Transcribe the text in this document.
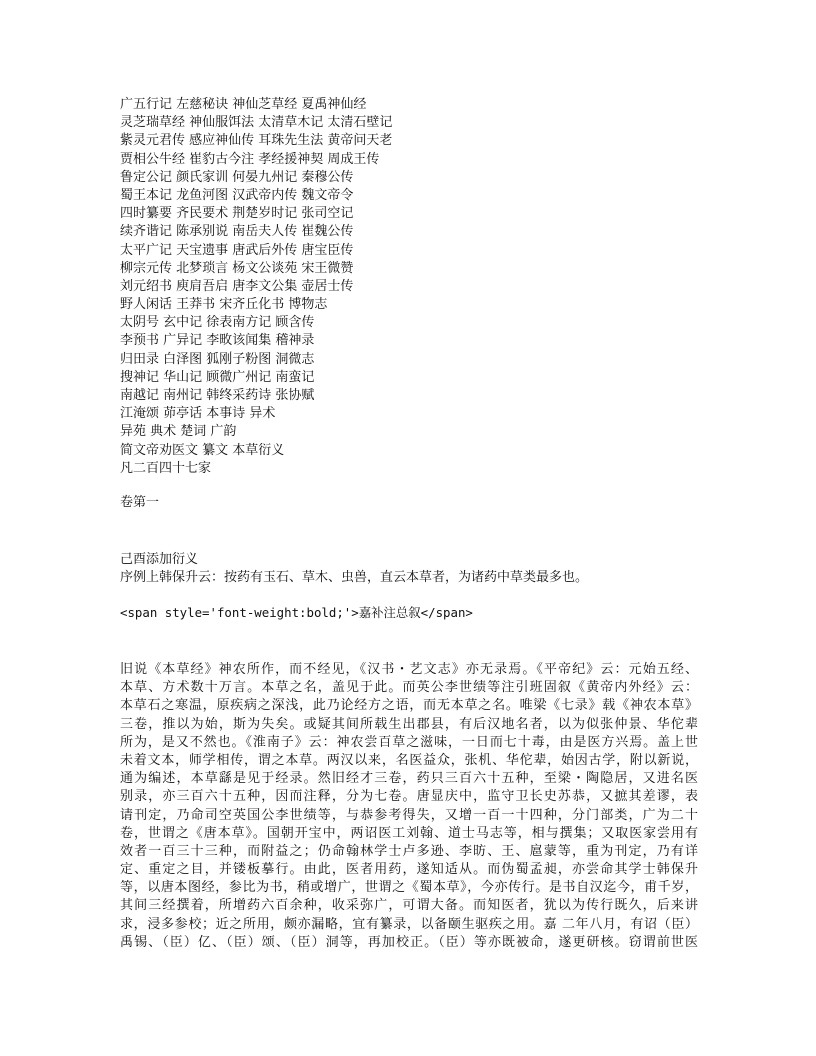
广五行记 左慈秘诀 神仙芝草经 夏禹神仙经
灵芝瑞草经 神仙服饵法 太清草木记 太清石壁记
紫灵元君传 感应神仙传 耳珠先生法 黄帝问天老
贾相公牛经 崔豹古今注 孝经援神契 周成王传
鲁定公记 颜氏家训 何晏九州记 秦穆公传
蜀王本记 龙鱼河图 汉武帝内传 魏文帝令
四时纂要 齐民要术 荆楚岁时记 张司空记
续齐谐记 陈承别说 南岳夫人传 崔魏公传
太平广记 天宝遗事 唐武后外传 唐宝臣传
柳宗元传 北梦琐言 杨文公谈苑 宋王微赞
刘元绍书 庾肩吾启 唐李文公集 壶居士传
野人闲话 王莽书 宋齐丘化书 博物志
太阴号 玄中记 徐表南方记 顾含传
李预书 广异记 李畋该闻集 稽神录
归田录 白泽图 狐刚子粉图 洞微志
搜神记 华山记 顾微广州记 南蛮记
南越记 南州记 韩终采药诗 张协赋
江淹颂 茆亭话 本事诗 异术
异苑 典术 楚词 广韵
简文帝劝医文 纂文 本草衍义
凡二百四十七家
卷第一
己酉添加衍义
序例上韩保升云：按药有玉石、草木、虫兽，直云本草者，为诸药中草类最多也。
<span style='font-weight:bold;'>嘉补注总叙</span>
旧说《本草经》神农所作，而不经见，《汉书・艺文志》亦无录焉。《平帝纪》云：元始五经、
本草、方术数十万言。本草之名，盖见于此。而英公李世绩等注引班固叙《黄帝内外经》云：
本草石之寒温，原疾病之深浅，此乃论经方之语，而无本草之名。唯梁《七录》载《神农本草》
三卷，推以为始，斯为失矣。或疑其间所载生出郡县，有后汉地名者，以为似张仲景、华佗辈
所为，是又不然也。《淮南子》云：神农尝百草之滋味，一日而七十毒，由是医方兴焉。盖上世
未着文本，师学相传，谓之本草。两汉以来，名医益众，张机、华佗辈，始因古学，附以新说，
通为编述，本草繇是见于经录。然旧经才三卷，药只三百六十五种，至梁・陶隐居，又进名医
别录，亦三百六十五种，因而注释，分为七卷。唐显庆中，监守卫长史苏恭，又摭其差谬，表
请刊定，乃命司空英国公李世绩等，与恭参考得失，又增一百一十四种，分门部类，广为二十
卷，世谓之《唐本草》。国朝开宝中，两诏医工刘翰、道士马志等，相与撰集；又取医家尝用有
效者一百三十三种，而附益之；仍命翰林学士卢多逊、李昉、王、扈蒙等，重为刊定，乃有详
定、重定之目，并镂板摹行。由此，医者用药，遂知适从。而伪蜀孟昶，亦尝命其学士韩保升
等，以唐本图经，参比为书，稍或增广，世谓之《蜀本草》，今亦传行。是书自汉迄今，甫千岁，
其间三经撰着，所增药六百余种，收采弥广，可谓大备。而知医者，犹以为传行既久，后来讲
求，浸多参校；近之所用，颇亦漏略，宜有纂录，以备颐生驱疾之用。嘉 二年八月，有诏（臣）
禹锡、（臣）亿、（臣）颂、（臣）洞等，再加校正。（臣）等亦既被命，遂更研核。窃谓前世医
